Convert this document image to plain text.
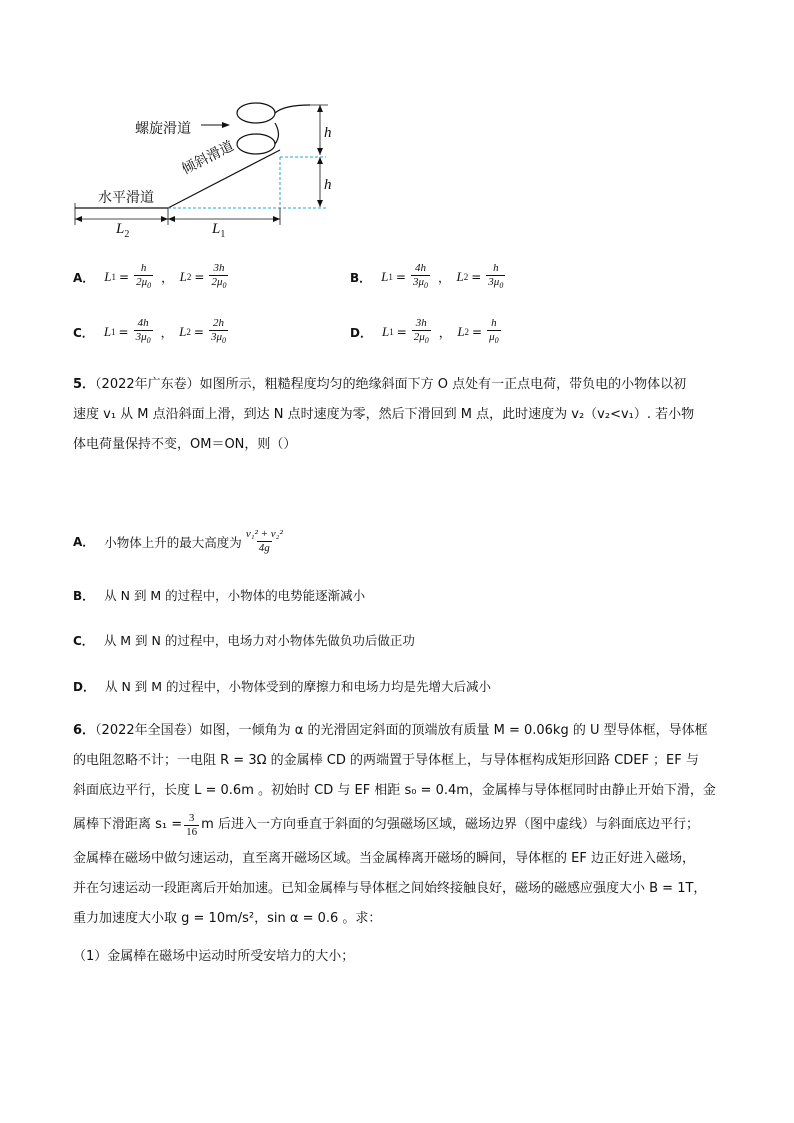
螺旋滑道
倾斜滑道
水平滑道
h
h
$L_2$	$L_1$
A． L $1 = \frac{h}{2\mu_0}$ ， L $2 = \frac{3h}{2\mu_0}$	B． L $1 = \frac{4h}{3\mu_0}$ ， L $2 = \frac{h}{3\mu_0}$
C． L $1 = \frac{4h}{3\mu_0}$ ， L $2 = \frac{2h}{3\mu_0}$	D． L $1 = \frac{3h}{2\mu_0}$ ， L $2 = \frac{h}{\mu_0}$
5．（2022年广东卷）如图所示，粗糙程度均匀的绝缘斜面下方 O 点处有一正点电荷，带负电的小物体以初
速度 v₁ 从 M 点沿斜面上滑，到达 N 点时速度为零，然后下滑回到 M 点，此时速度为 v₂（v₂<v₁）. 若小物
体电荷量保持不变，OM＝ON，则（）
A． 小物体上升的最大高度为 $\frac{\text{v₁² + v₂²}}{4g}$
B． 从 N 到 M 的过程中，小物体的电势能逐渐减小
C． 从 M 到 N 的过程中，电场力对小物体先做负功后做正功
D． 从 N 到 M 的过程中，小物体受到的摩擦力和电场力均是先增大后减小
6．（2022年全国卷）如图，一倾角为 α 的光滑固定斜面的顶端放有质量 M = 0.06kg 的 U 型导体框，导体框
的电阻忽略不计；一电阻 R = 3Ω 的金属棒 CD 的两端置于导体框上，与导体框构成矩形回路 CDEF ；EF 与
斜面底边平行，长度 L = 0.6m 。初始时 CD 与 EF 相距 s₀ = 0.4m，金属棒与导体框同时由静止开始下滑，金
属棒下滑距离 $s_1 = \frac{3}{16}$ m 后进入一方向垂直于斜面的匀强磁场区域，磁场边界（图中虚线）与斜面底边平行；
金属棒在磁场中做匀速运动，直至离开磁场区域。当金属棒离开磁场的瞬间，导体框的 EF 边正好进入磁场，
并在匀速运动一段距离后开始加速。已知金属棒与导体框之间始终接触良好，磁场的磁感应强度大小 B = 1T，
重力加速度大小取 g = 10m/s²，sin α = 0.6 。求：
（1）金属棒在磁场中运动时所受安培力的大小；
